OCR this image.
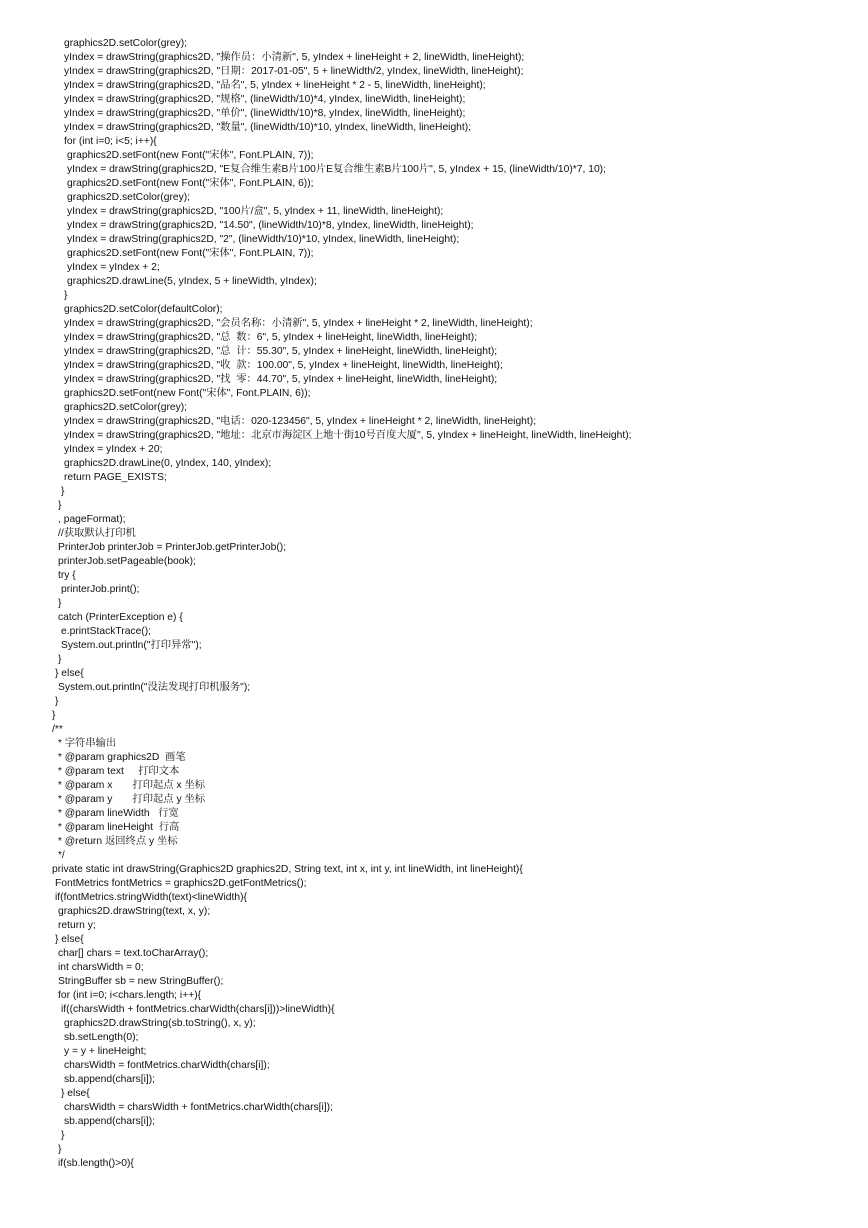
graphics2D.setColor(grey);
yIndex = drawString(graphics2D, "操作员：小清新", 5, yIndex + lineHeight + 2, lineWidth, lineHeight);
yIndex = drawString(graphics2D, "日期：2017-01-05", 5 + lineWidth/2, yIndex, lineWidth, lineHeight);
yIndex = drawString(graphics2D, "品名", 5, yIndex + lineHeight * 2 - 5, lineWidth, lineHeight);
yIndex = drawString(graphics2D, "规格", (lineWidth/10)*4, yIndex, lineWidth, lineHeight);
yIndex = drawString(graphics2D, "单价", (lineWidth/10)*8, yIndex, lineWidth, lineHeight);
yIndex = drawString(graphics2D, "数量", (lineWidth/10)*10, yIndex, lineWidth, lineHeight);
for (int i=0; i<5; i++){
graphics2D.setFont(new Font("宋体", Font.PLAIN, 7));
yIndex = drawString(graphics2D, "E复合维生素B片100片E复合维生素B片100片", 5, yIndex + 15, (lineWidth/10)*7, 10);
graphics2D.setFont(new Font("宋体", Font.PLAIN, 6));
graphics2D.setColor(grey);
yIndex = drawString(graphics2D, "100片/盒", 5, yIndex + 11, lineWidth, lineHeight);
yIndex = drawString(graphics2D, "14.50", (lineWidth/10)*8, yIndex, lineWidth, lineHeight);
yIndex = drawString(graphics2D, "2", (lineWidth/10)*10, yIndex, lineWidth, lineHeight);
graphics2D.setFont(new Font("宋体", Font.PLAIN, 7));
yIndex = yIndex + 2;
graphics2D.drawLine(5, yIndex, 5 + lineWidth, yIndex);
}
graphics2D.setColor(defaultColor);
yIndex = drawString(graphics2D, "会员名称：小清新", 5, yIndex + lineHeight * 2, lineWidth, lineHeight);
yIndex = drawString(graphics2D, "总  数：6", 5, yIndex + lineHeight, lineWidth, lineHeight);
yIndex = drawString(graphics2D, "总  计：55.30", 5, yIndex + lineHeight, lineWidth, lineHeight);
yIndex = drawString(graphics2D, "收  款：100.00", 5, yIndex + lineHeight, lineWidth, lineHeight);
yIndex = drawString(graphics2D, "找  零：44.70", 5, yIndex + lineHeight, lineWidth, lineHeight);
graphics2D.setFont(new Font("宋体", Font.PLAIN, 6));
graphics2D.setColor(grey);
yIndex = drawString(graphics2D, "电话：020-123456", 5, yIndex + lineHeight * 2, lineWidth, lineHeight);
yIndex = drawString(graphics2D, "地址：北京市海淀区上地十街10号百度大厦", 5, yIndex + lineHeight, lineWidth, lineHeight);
yIndex = yIndex + 20;
graphics2D.drawLine(0, yIndex, 140, yIndex);
return PAGE_EXISTS;
}
}
, pageFormat);
//获取默认打印机
PrinterJob printerJob = PrinterJob.getPrinterJob();
printerJob.setPageable(book);
try {
printerJob.print();
}
catch (PrinterException e) {
e.printStackTrace();
System.out.println("打印异常");
}
} else{
System.out.println("没法发现打印机服务");
}
}
/**
* 字符串输出
* @param graphics2D  画笔
* @param text     打印文本
* @param x       打印起点 x 坐标
* @param y       打印起点 y 坐标
* @param lineWidth   行宽
* @param lineHeight  行高
* @return 返回终点 y 坐标
*/
private static int drawString(Graphics2D graphics2D, String text, int x, int y, int lineWidth, int lineHeight){
FontMetrics fontMetrics = graphics2D.getFontMetrics();
if(fontMetrics.stringWidth(text)<lineWidth){
graphics2D.drawString(text, x, y);
return y;
} else{
char[] chars = text.toCharArray();
int charsWidth = 0;
StringBuffer sb = new StringBuffer();
for (int i=0; i<chars.length; i++){
if((charsWidth + fontMetrics.charWidth(chars[i]))>lineWidth){
graphics2D.drawString(sb.toString(), x, y);
sb.setLength(0);
y = y + lineHeight;
charsWidth = fontMetrics.charWidth(chars[i]);
sb.append(chars[i]);
} else{
charsWidth = charsWidth + fontMetrics.charWidth(chars[i]);
sb.append(chars[i]);
}
}
if(sb.length()>0){
